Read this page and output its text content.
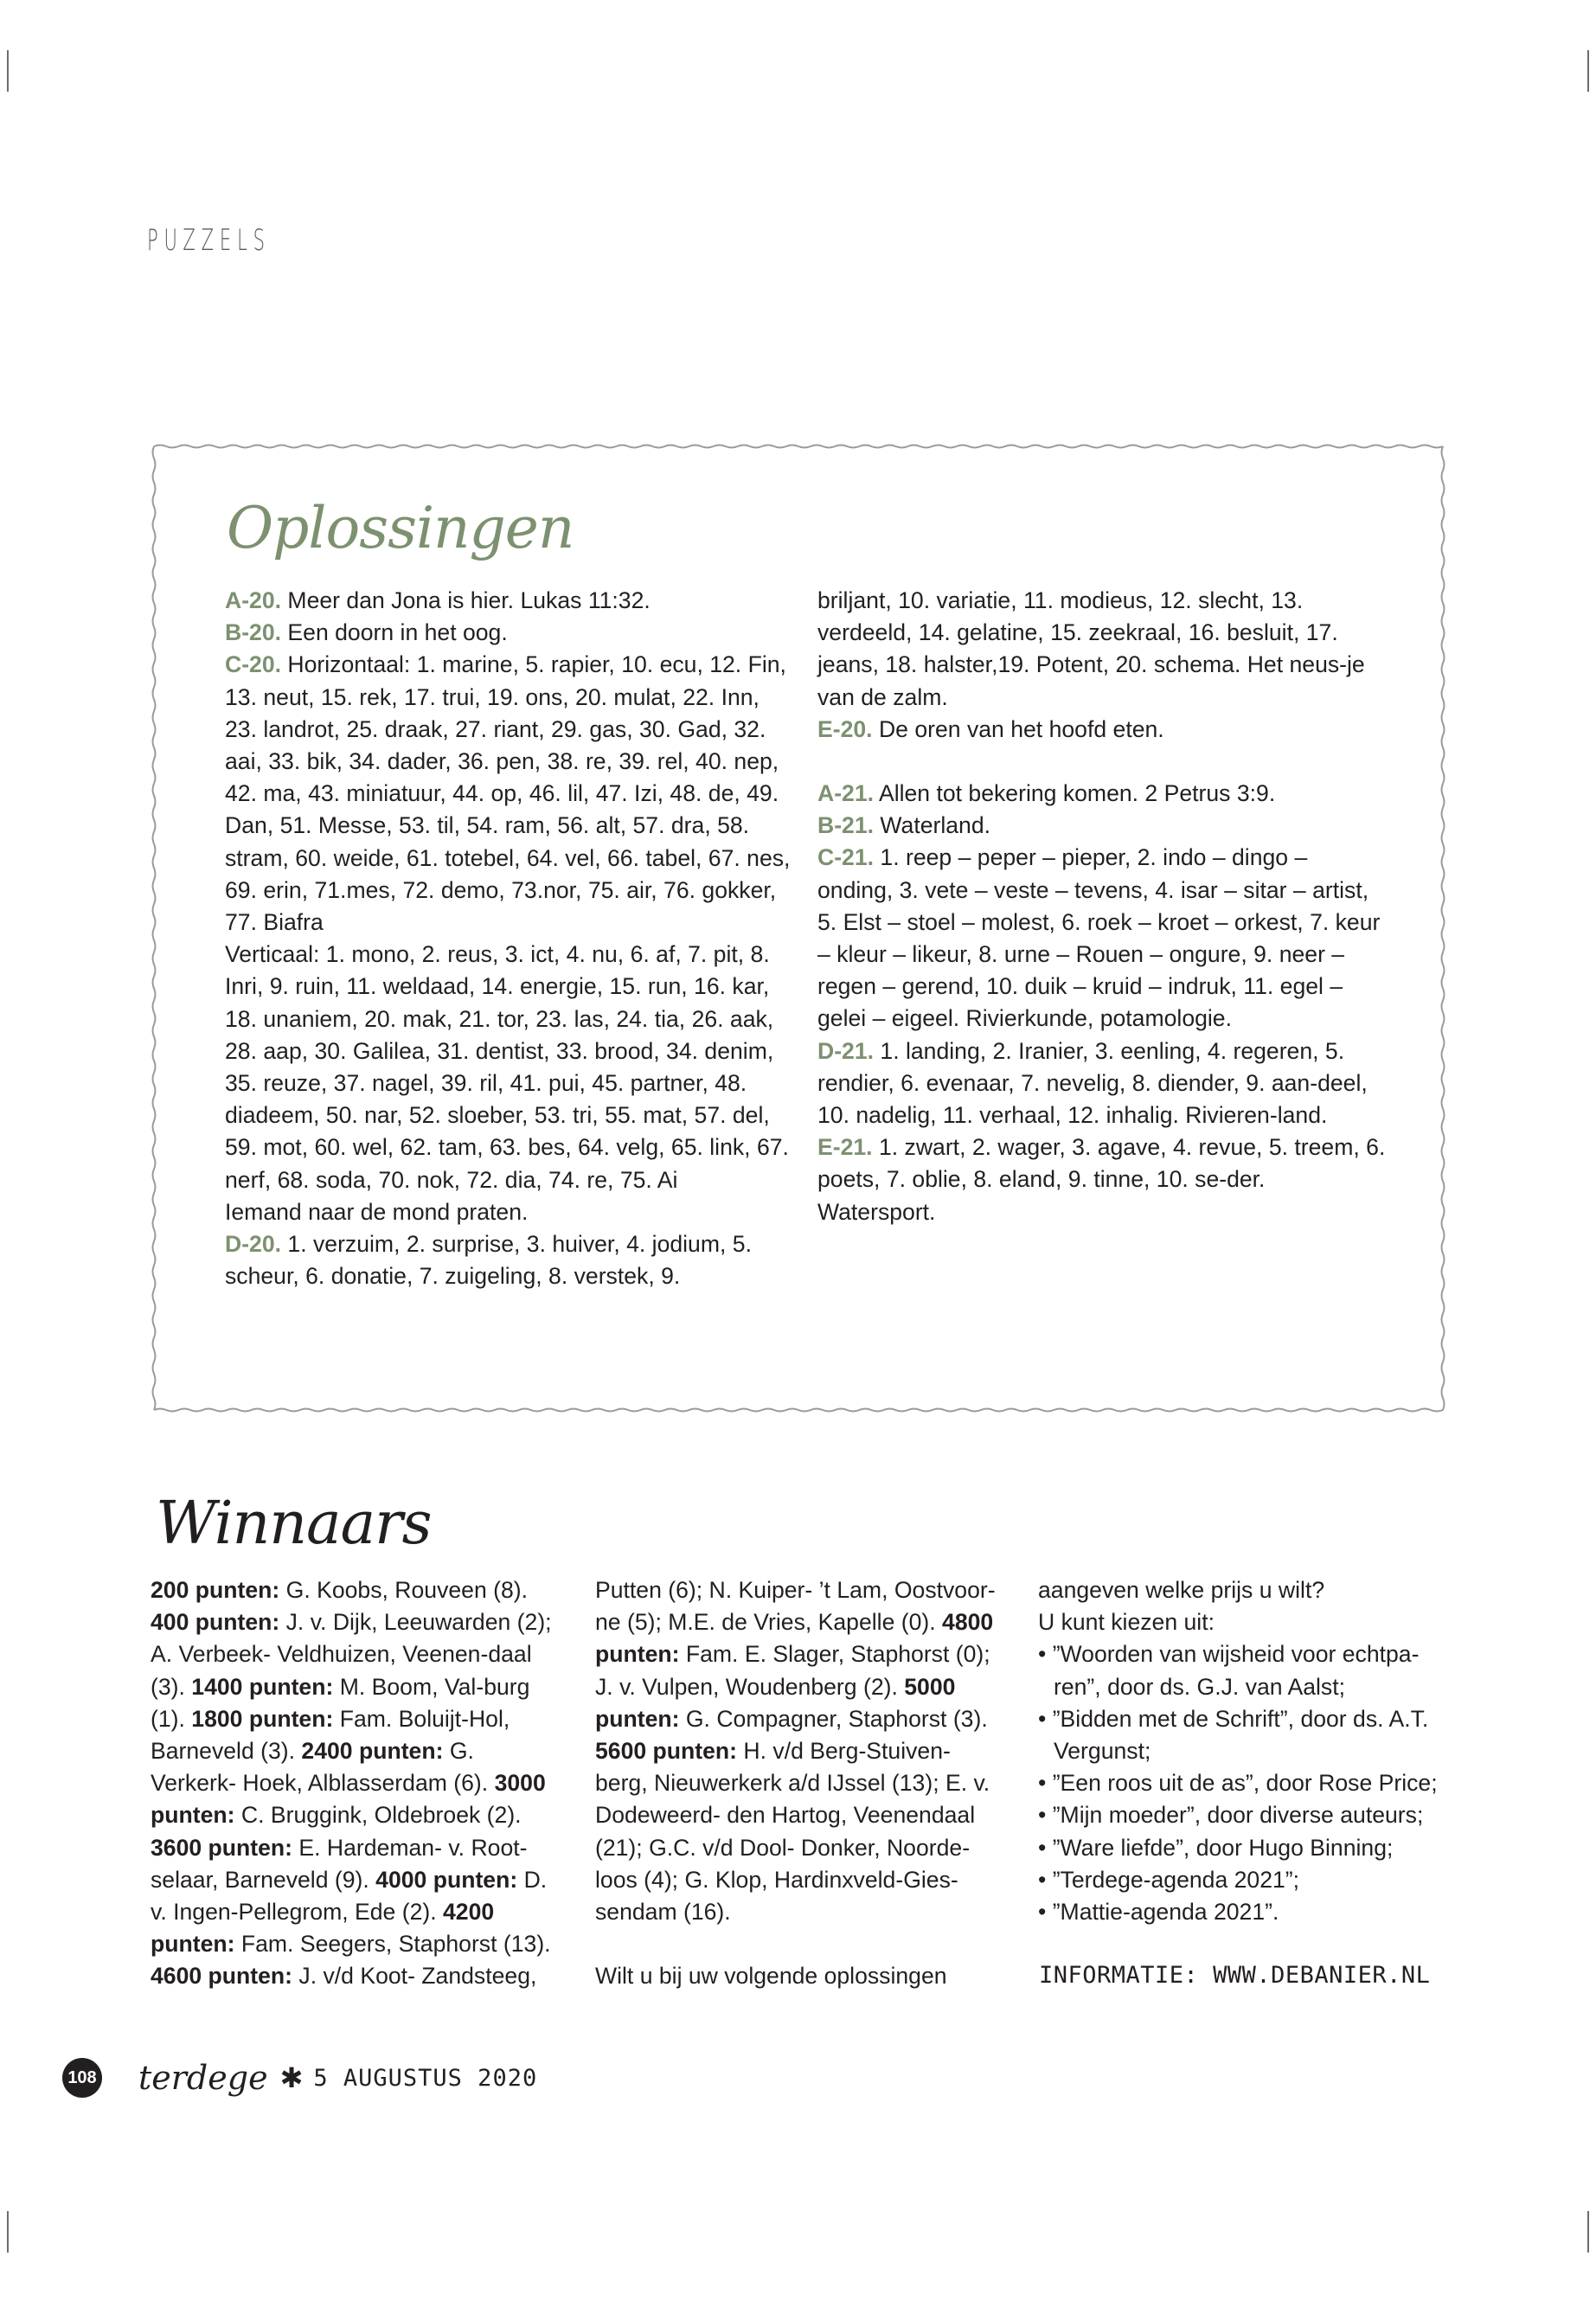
PUZZELS
Oplossingen

A-20. Meer dan Jona is hier. Lukas 11:32.

B-20. Een doorn in het oog.

C-20. Horizontaal: 1. marine, 5. rapier, 10. ecu, 12. Fin, 13. neut, 15. rek, 17. trui, 19. ons, 20. mulat, 22. Inn, 23. landrot, 25. draak, 27. riant, 29. gas, 30. Gad, 32. aai, 33. bik, 34. dader, 36. pen, 38. re, 39. rel, 40. nep, 42. ma, 43. miniatuur, 44. op, 46. lil, 47. Izi, 48. de, 49. Dan, 51. Messe, 53. til, 54. ram, 56. alt, 57. dra, 58. stram, 60. weide, 61. totebel, 64. vel, 66. tabel, 67. nes, 69. erin, 71.mes, 72. demo, 73.nor, 75. air, 76. gokker, 77. Biafra

Verticaal: 1. mono, 2. reus, 3. ict, 4. nu, 6. af, 7. pit, 8. Inri, 9. ruin, 11. weldaad, 14. energie, 15. run, 16. kar, 18. unaniem, 20. mak, 21. tor, 23. las, 24. tia, 26. aak, 28. aap, 30. Galilea, 31. dentist, 33. brood, 34. denim, 35. reuze, 37. nagel, 39. ril, 41. pui, 45. partner, 48. diadeem, 50. nar, 52. sloeber, 53. tri, 55. mat, 57. del, 59. mot, 60. wel, 62. tam, 63. bes, 64. velg, 65. link, 67. nerf, 68. soda, 70. nok, 72. dia, 74. re, 75. Ai

Iemand naar de mond praten.

D-20. 1. verzuim, 2. surprise, 3. huiver, 4. jodium, 5. scheur, 6. donatie, 7. zuigeling, 8. verstek, 9.

briljant, 10. variatie, 11. modieus, 12. slecht, 13. verdeeld, 14. gelatine, 15. zeekraal, 16. besluit, 17. jeans, 18. halster,19. Potent, 20. schema. Het neus-je van de zalm.

E-20. De oren van het hoofd eten.

A-21. Allen tot bekering komen. 2 Petrus 3:9.

B-21. Waterland.

C-21. 1. reep – peper – pieper, 2. indo – dingo – onding, 3. vete – veste – tevens, 4. isar – sitar – artist, 5. Elst – stoel – molest, 6. roek – kroet – orkest, 7. keur – kleur – likeur, 8. urne – Rouen – ongure, 9. neer – regen – gerend, 10. duik – kruid – indruk, 11. egel – gelei – eigeel. Rivierkunde, potamologie.

D-21. 1. landing, 2. Iranier, 3. eenling, 4. regeren, 5. rendier, 6. evenaar, 7. nevelig, 8. diender, 9. aan-deel, 10. nadelig, 11. verhaal, 12. inhalig. Rivieren-land.

E-21. 1. zwart, 2. wager, 3. agave, 4. revue, 5. treem, 6. poets, 7. oblie, 8. eland, 9. tinne, 10. se-der. Watersport.

Winnaars

200 punten: G. Koobs, Rouveen (8). 400 punten: J. v. Dijk, Leeuwarden (2); A. Verbeek- Veldhuizen, Veenen-daal (3). 1400 punten: M. Boom, Val-burg (1). 1800 punten: Fam. Boluijt-Hol, Barneveld (3). 2400 punten: G. Verkerk- Hoek, Alblasserdam (6). 3000 punten: C. Bruggink, Oldebroek (2). 3600 punten: E. Hardeman- v. Root-selaar, Barneveld (9). 4000 punten: D. v. Ingen-Pellegrom, Ede (2). 4200 punten: Fam. Seegers, Staphorst (13). 4600 punten: J. v/d Koot- Zandsteeg,

Putten (6); N. Kuiper- ’t Lam, Oostvoor-ne (5); M.E. de Vries, Kapelle (0). 4800 punten: Fam. E. Slager, Staphorst (0); J. v. Vulpen, Woudenberg (2). 5000 punten: G. Compagner, Staphorst (3). 5600 punten: H. v/d Berg-Stuiven-berg, Nieuwerkerk a/d IJssel (13); E. v. Dodeweerd- den Hartog, Veenendaal (21); G.C. v/d Dool- Donker, Noorde-loos (4); G. Klop, Hardinxveld-Gies-sendam (16).

Wilt u bij uw volgende oplossingen

aangeven welke prijs u wilt?

U kunt kiezen uit:

• ”Woorden van wijsheid voor echtpa-ren”, door ds. G.J. van Aalst;

• ”Bidden met de Schrift”, door ds. A.T. Vergunst;

• ”Een roos uit de as”, door Rose Price;

• ”Mijn moeder”, door diverse auteurs;

• ”Ware liefde”, door Hugo Binning;

• ”Terdege-agenda 2021”;

• ”Mattie-agenda 2021”.

INFORMATIE: WWW.DEBANIER.NL
108 terdege ✱ 5 AUGUSTUS 2020
